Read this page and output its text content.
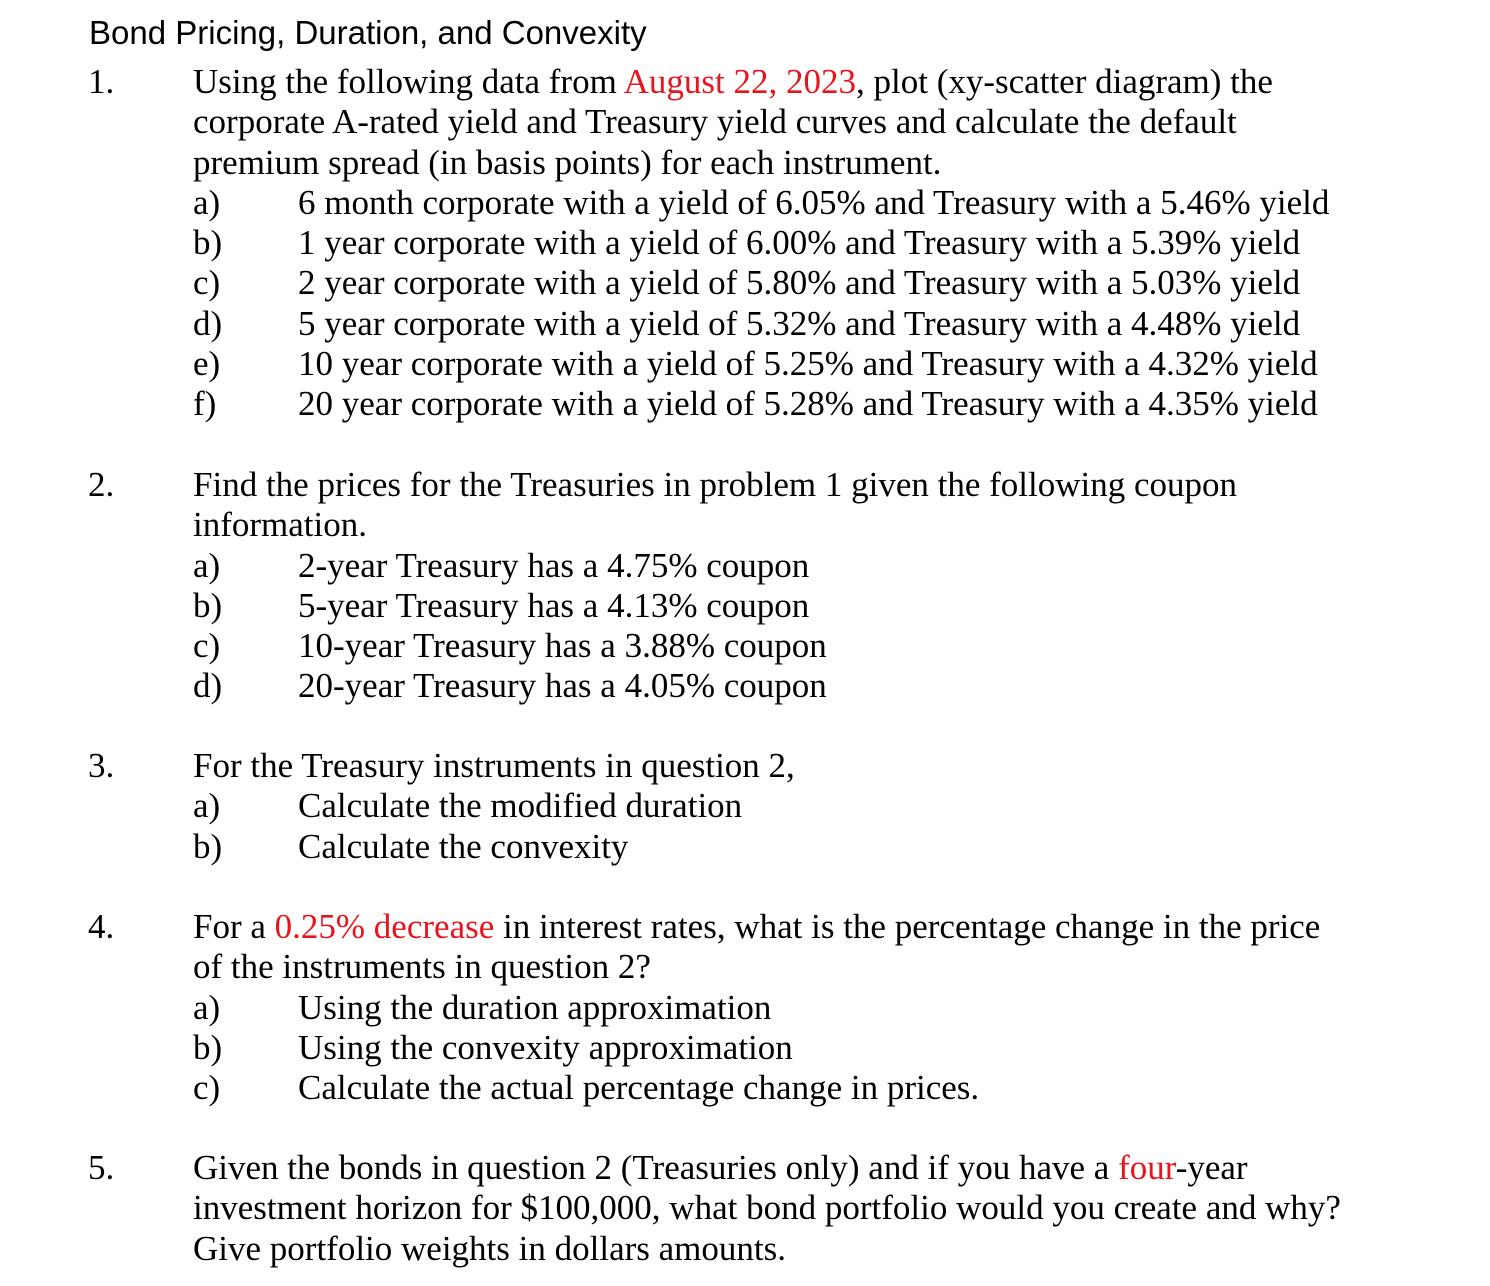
Bond Pricing, Duration, and Convexity
1. Using the following data from August 22, 2023, plot (xy-scatter diagram) the
corporate A-rated yield and Treasury yield curves and calculate the default
premium spread (in basis points) for each instrument.
a) 6 month corporate with a yield of 6.05% and Treasury with a 5.46% yield
b) 1 year corporate with a yield of 6.00% and Treasury with a 5.39% yield
c) 2 year corporate with a yield of 5.80% and Treasury with a 5.03% yield
d) 5 year corporate with a yield of 5.32% and Treasury with a 4.48% yield
e) 10 year corporate with a yield of 5.25% and Treasury with a 4.32% yield
f) 20 year corporate with a yield of 5.28% and Treasury with a 4.35% yield
2. Find the prices for the Treasuries in problem 1 given the following coupon
information.
a) 2-year Treasury has a 4.75% coupon
b) 5-year Treasury has a 4.13% coupon
c) 10-year Treasury has a 3.88% coupon
d) 20-year Treasury has a 4.05% coupon
3. For the Treasury instruments in question 2,
a) Calculate the modified duration
b) Calculate the convexity
4. For a 0.25% decrease in interest rates, what is the percentage change in the price
of the instruments in question 2?
a) Using the duration approximation
b) Using the convexity approximation
c) Calculate the actual percentage change in prices.
5. Given the bonds in question 2 (Treasuries only) and if you have a four-year
investment horizon for $100,000, what bond portfolio would you create and why?
Give portfolio weights in dollars amounts.
